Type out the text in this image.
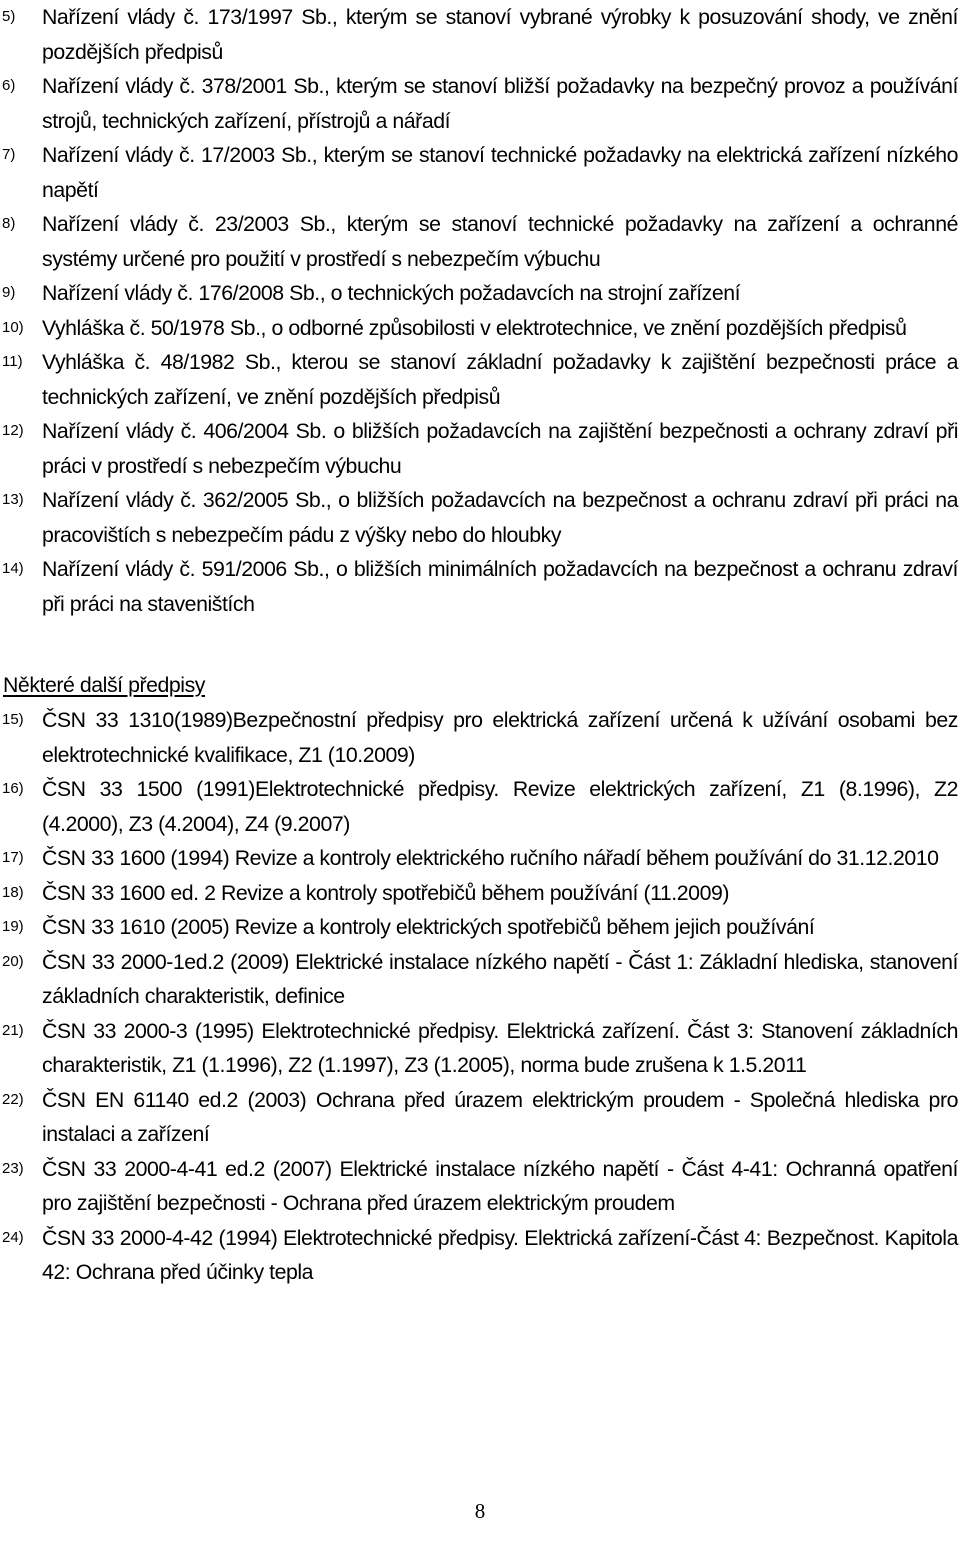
5)	Nařízení vlády č. 173/1997 Sb., kterým se stanoví vybrané výrobky k posuzování shody, ve znění pozdějších předpisů
6)	Nařízení vlády č. 378/2001 Sb., kterým se stanoví bližší požadavky na bezpečný provoz a používání strojů, technických zařízení, přístrojů a nářadí
7)	Nařízení vlády č. 17/2003 Sb., kterým se stanoví technické požadavky na elektrická zařízení nízkého napětí
8)	Nařízení vlády č. 23/2003 Sb., kterým se stanoví technické požadavky na zařízení a ochranné systémy určené pro použití v prostředí s nebezpečím výbuchu
9)	Nařízení vlády č. 176/2008 Sb., o technických požadavcích na strojní zařízení
10) Vyhláška č. 50/1978 Sb., o odborné způsobilosti v elektrotechnice, ve znění pozdějších předpisů
11) Vyhláška č. 48/1982 Sb., kterou se stanoví základní požadavky k zajištění bezpečnosti práce a technických zařízení, ve znění pozdějších předpisů
12) Nařízení vlády č. 406/2004 Sb. o bližších požadavcích na zajištění bezpečnosti a ochrany zdraví při práci v prostředí s nebezpečím výbuchu
13) Nařízení vlády č. 362/2005 Sb., o bližších požadavcích na bezpečnost a ochranu zdraví při práci na pracovištích s nebezpečím pádu z výšky nebo do hloubky
14) Nařízení vlády č. 591/2006 Sb., o bližších minimálních požadavcích na bezpečnost a ochranu zdraví při práci na staveništích
Některé další předpisy
15) ČSN 33 1310(1989)Bezpečnostní předpisy pro elektrická zařízení určená k užívání osobami bez elektrotechnické kvalifikace, Z1 (10.2009)
16) ČSN 33 1500 (1991)Elektrotechnické předpisy. Revize elektrických zařízení, Z1 (8.1996), Z2 (4.2000), Z3 (4.2004), Z4 (9.2007)
17) ČSN 33 1600 (1994) Revize a kontroly elektrického ručního nářadí během používání do 31.12.2010
18) ČSN 33 1600 ed. 2 Revize a kontroly spotřebičů během používání (11.2009)
19) ČSN 33 1610 (2005) Revize a kontroly elektrických spotřebičů během jejich používání
20) ČSN 33 2000-1ed.2 (2009) Elektrické instalace nízkého napětí - Část 1: Základní hlediska, stanovení základních charakteristik, definice
21) ČSN 33 2000-3 (1995) Elektrotechnické předpisy. Elektrická zařízení. Část 3: Stanovení základních charakteristik, Z1 (1.1996), Z2 (1.1997), Z3 (1.2005), norma bude zrušena k 1.5.2011
22) ČSN EN 61140 ed.2 (2003) Ochrana před úrazem elektrickým proudem - Společná hlediska pro instalaci a zařízení
23) ČSN 33 2000-4-41 ed.2 (2007) Elektrické instalace nízkého napětí - Část 4-41: Ochranná opatření pro zajištění bezpečnosti - Ochrana před úrazem elektrickým proudem
24) ČSN 33 2000-4-42 (1994) Elektrotechnické předpisy. Elektrická zařízení-Část 4: Bezpečnost. Kapitola 42: Ochrana před účinky tepla
8
